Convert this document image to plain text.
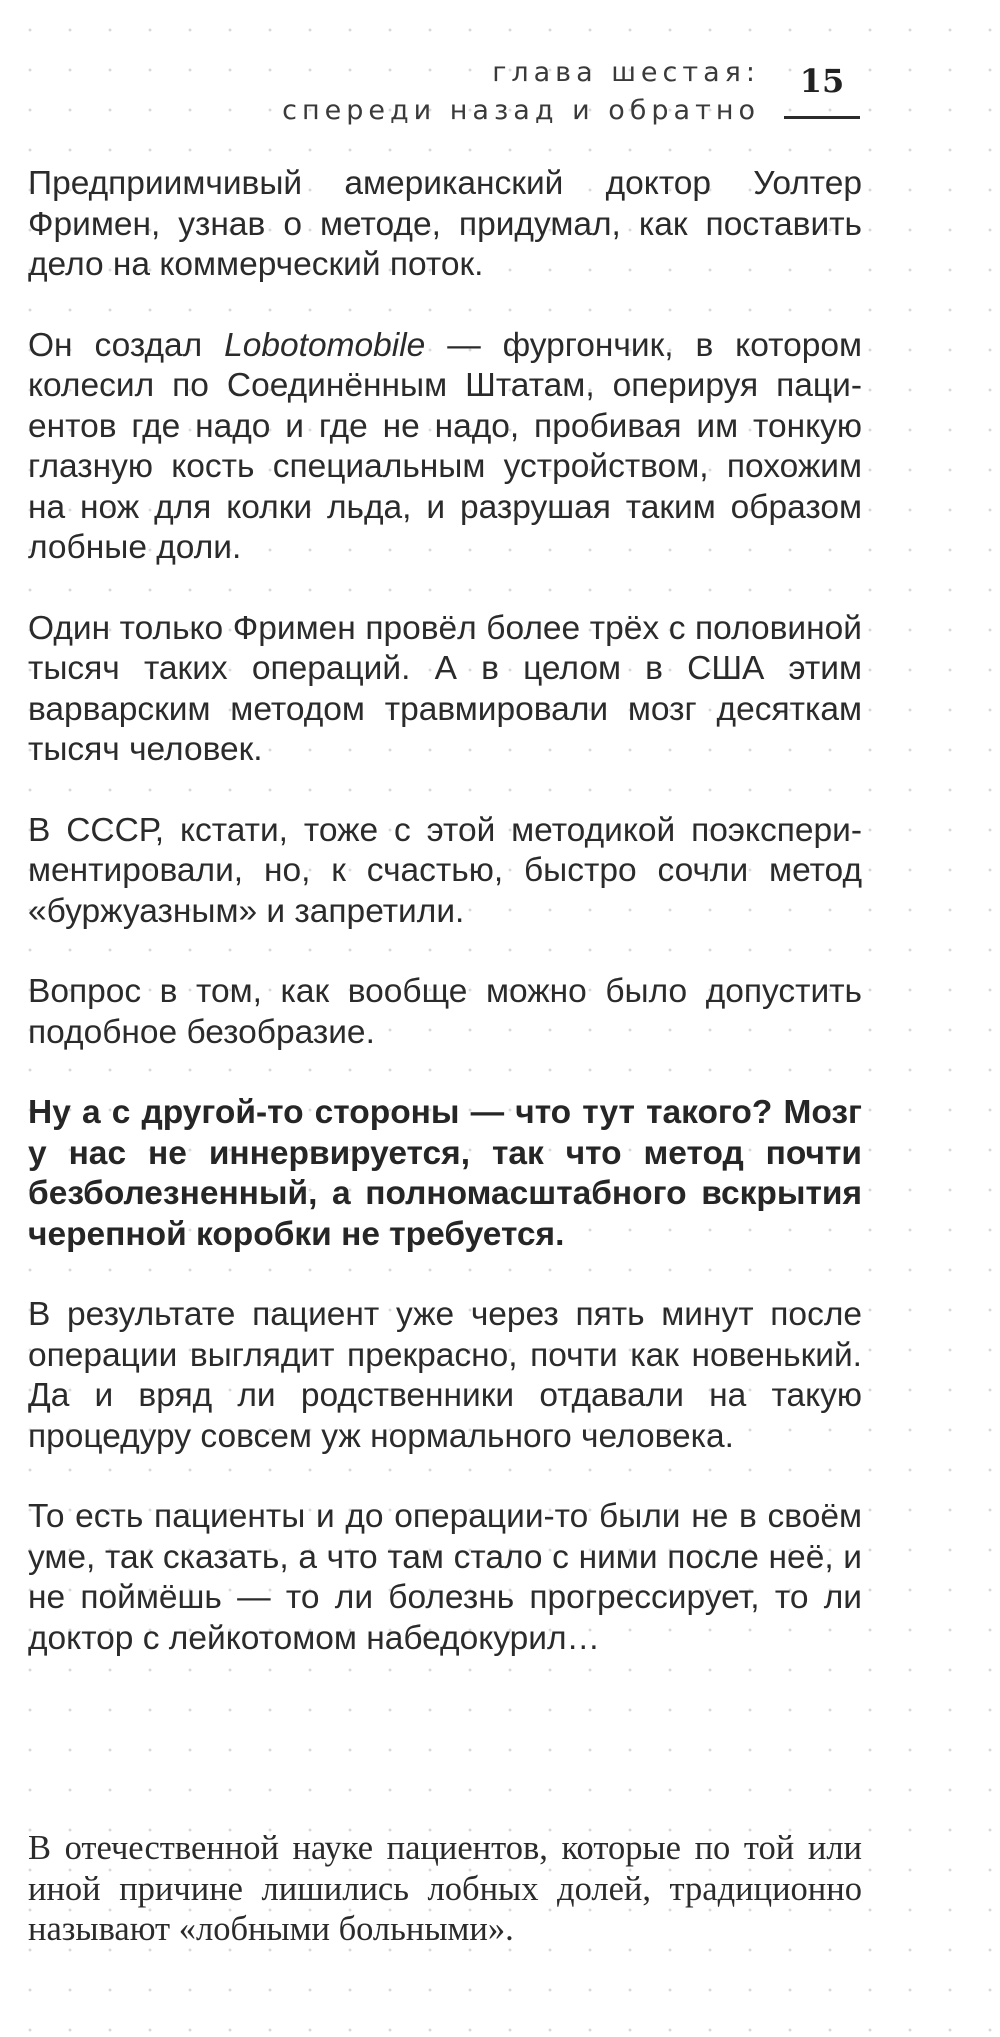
глава шестая:
спереди назад и обратно
15

Предприимчивый американский доктор Уолтер Фримен, узнав о методе, придумал, как поставить дело на коммерческий поток.

Он создал Lobotomobile — фургончик, в котором колесил по Соединённым Штатам, оперируя пациентов где надо и где не надо, пробивая им тонкую глазную кость специальным устройством, похожим на нож для колки льда, и разрушая таким образом лобные доли.

Один только Фримен провёл более трёх с половиной тысяч таких операций. А в целом в США этим варварским методом травмировали мозг десяткам тысяч человек.

В СССР, кстати, тоже с этой методикой поэкспериментировали, но, к счастью, быстро сочли метод «буржуазным» и запретили.

Вопрос в том, как вообще можно было допустить подобное безобразие.

Ну а с другой-то стороны — что тут такого? Мозг у нас не иннервируется, так что метод почти безболезненный, а полномасштабного вскрытия черепной коробки не требуется.

В результате пациент уже через пять минут после операции выглядит прекрасно, почти как новенький. Да и вряд ли родственники отдавали на такую процедуру совсем уж нормального человека.

То есть пациенты и до операции-то были не в своём уме, так сказать, а что там стало с ними после неё, и не поймёшь — то ли болезнь прогрессирует, то ли доктор с лейкотомом набедокурил…

В отечественной науке пациентов, которые по той или иной причине лишились лобных долей, традиционно называют «лобными больными».
